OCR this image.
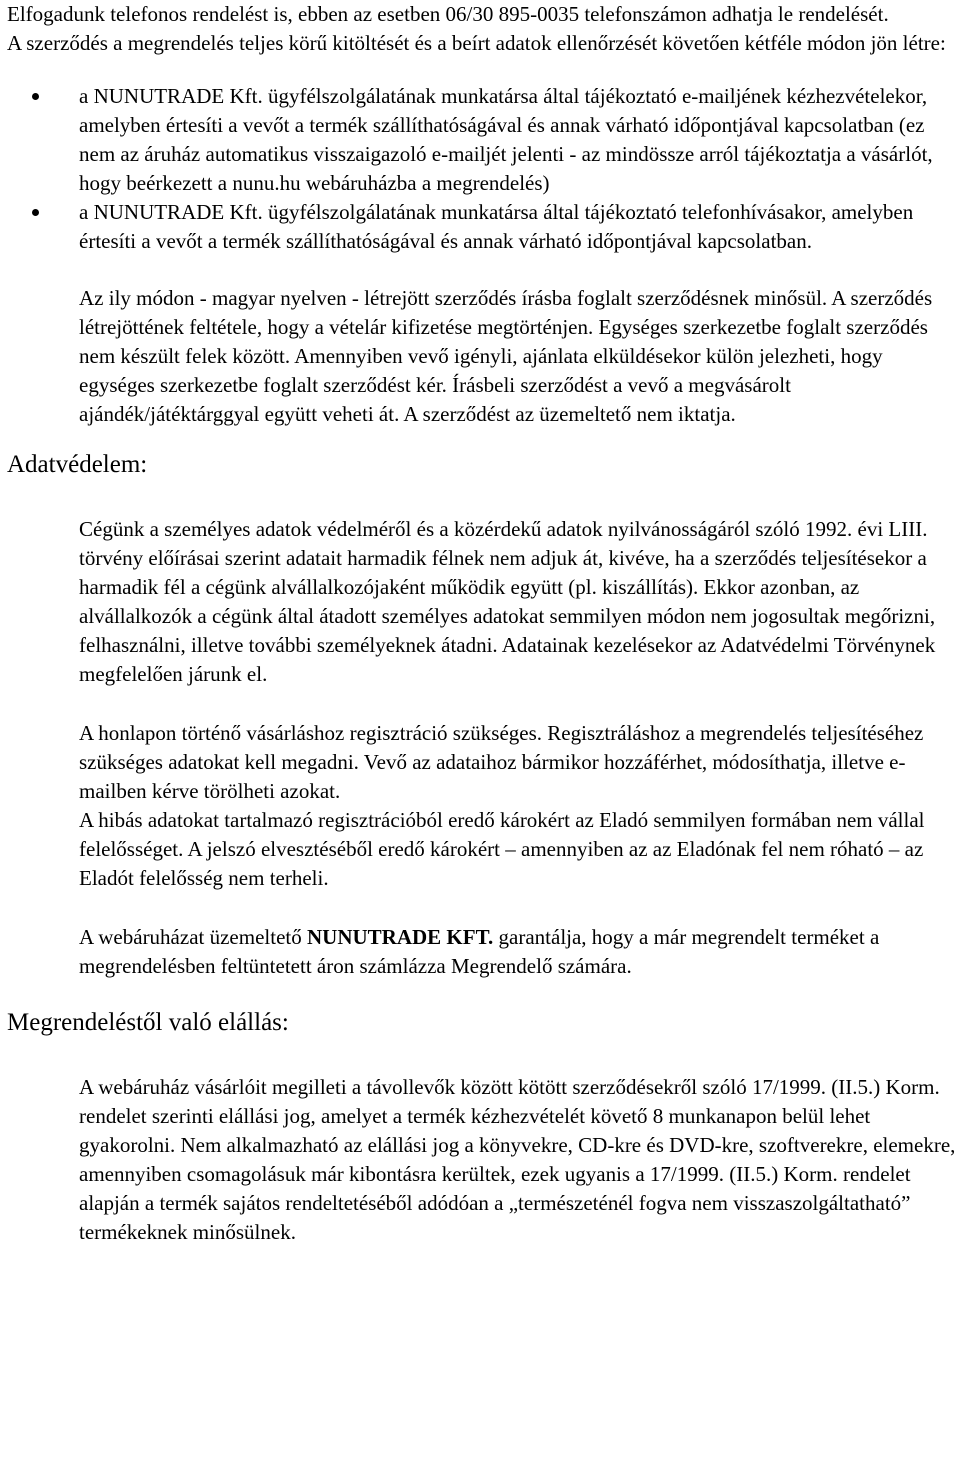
Elfogadunk telefonos rendelést is, ebben az esetben 06/30 895-0035 telefonszámon adhatja le rendelését.

A szerződés a megrendelés teljes körű kitöltését és a beírt adatok ellenőrzését követően kétféle módon jön létre:

a NUNUTRADE Kft. ügyfélszolgálatának munkatársa által tájékoztató e-mailjének kézhezvételekor, amelyben értesíti a vevőt a termék szállíthatóságával és annak várható időpontjával kapcsolatban (ez nem az áruház automatikus visszaigazoló e-mailjét jelenti - az mindössze arról tájékoztatja a vásárlót, hogy beérkezett a nunu.hu webáruházba a megrendelés)
a NUNUTRADE Kft. ügyfélszolgálatának munkatársa által tájékoztató telefonhívásakor, amelyben értesíti a vevőt a termék szállíthatóságával és annak várható időpontjával kapcsolatban.

Az ily módon - magyar nyelven - létrejött szerződés írásba foglalt szerződésnek minősül. A szerződés létrejöttének feltétele, hogy a vételár kifizetése megtörténjen. Egységes szerkezetbe foglalt szerződés nem készült felek között. Amennyiben vevő igényli, ajánlata elküldésekor külön jelezheti, hogy egységes szerkezetbe foglalt szerződést kér. Írásbeli szerződést a vevő a megvásárolt ajándék/játéktárggyal együtt veheti át. A szerződést az üzemeltető nem iktatja.

Adatvédelem:

Cégünk a személyes adatok védelméről és a közérdekű adatok nyilvánosságáról szóló 1992. évi LIII. törvény előírásai szerint adatait harmadik félnek nem adjuk át, kivéve, ha a szerződés teljesítésekor a harmadik fél a cégünk alvállalkozójaként működik együtt (pl. kiszállítás). Ekkor azonban, az alvállalkozók a cégünk által átadott személyes adatokat semmilyen módon nem jogosultak megőrizni, felhasználni, illetve további személyeknek átadni. Adatainak kezelésekor az Adatvédelmi Törvénynek megfelelően járunk el.

A honlapon történő vásárláshoz regisztráció szükséges. Regisztráláshoz a megrendelés teljesítéséhez szükséges adatokat kell megadni. Vevő az adataihoz bármikor hozzáférhet, módosíthatja, illetve e-mailben kérve törölheti azokat.

A hibás adatokat tartalmazó regisztrációból eredő károkért az Eladó semmilyen formában nem vállal felelősséget. A jelszó elvesztéséből eredő károkért – amennyiben az az Eladónak fel nem róható – az Eladót felelősség nem terheli.

A webáruházat üzemeltető NUNUTRADE KFT. garantálja, hogy a már megrendelt terméket a megrendelésben feltüntetett áron számlázza Megrendelő számára.

Megrendeléstől való elállás:

A webáruház vásárlóit megilleti a távollevők között kötött szerződésekről szóló 17/1999. (II.5.) Korm. rendelet szerinti elállási jog, amelyet a termék kézhezvételét követő 8 munkanapon belül lehet gyakorolni. Nem alkalmazható az elállási jog a könyvekre, CD-kre és DVD-kre, szoftverekre, elemekre, amennyiben csomagolásuk már kibontásra kerültek, ezek ugyanis a 17/1999. (II.5.) Korm. rendelet alapján a termék sajátos rendeltetéséből adódóan a „természeténél fogva nem visszaszolgáltatható” termékeknek minősülnek.
